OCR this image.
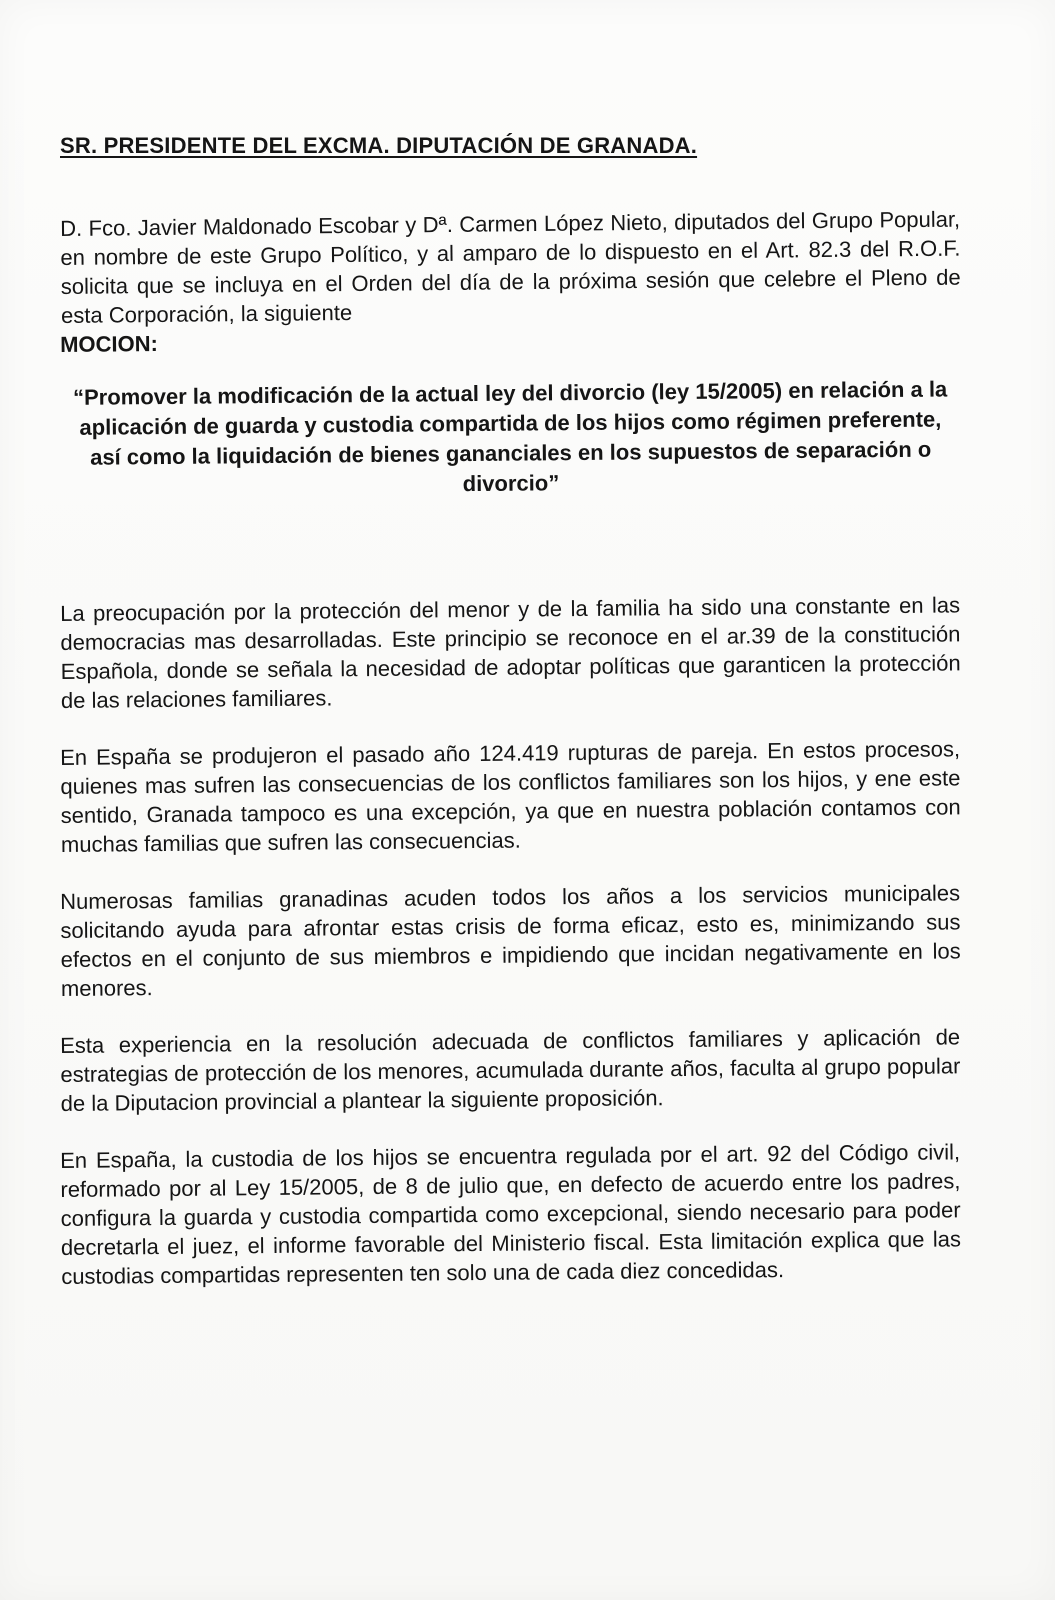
SR. PRESIDENTE DEL EXCMA. DIPUTACIÓN DE GRANADA.

D. Fco. Javier Maldonado Escobar y Dª. Carmen López Nieto, diputados del Grupo Popular, en nombre de este Grupo Político, y al amparo de lo dispuesto en el Art. 82.3 del R.O.F. solicita que se incluya en el Orden del día de la próxima sesión que celebre el Pleno de esta Corporación, la siguiente

MOCION:

“Promover la modificación de la actual ley del divorcio (ley 15/2005) en relación a la aplicación de guarda y custodia compartida de los hijos como régimen preferente, así como la liquidación de bienes gananciales en los supuestos de separación o divorcio”

La preocupación por la protección del menor y de la familia ha sido una constante en las democracias mas desarrolladas. Este principio se reconoce en el ar.39 de la constitución Española, donde se señala la necesidad de adoptar políticas que garanticen la protección de las relaciones familiares.

En España se produjeron el pasado año 124.419 rupturas de pareja. En estos procesos, quienes mas sufren las consecuencias de los conflictos familiares son los hijos, y ene este sentido, Granada tampoco es una excepción, ya que en nuestra población contamos con muchas familias que sufren las consecuencias.

Numerosas familias granadinas acuden todos los años a los servicios municipales solicitando ayuda para afrontar estas crisis de forma eficaz, esto es, minimizando sus efectos en el conjunto de sus miembros e impidiendo que incidan negativamente en los menores.

Esta experiencia en la resolución adecuada de conflictos familiares y aplicación de estrategias de protección de los menores, acumulada durante años, faculta al grupo popular de la Diputacion provincial a plantear la siguiente proposición.

En España, la custodia de los hijos se encuentra regulada por el art. 92 del Código civil, reformado por al Ley 15/2005, de 8 de julio que, en defecto de acuerdo entre los padres, configura la guarda y custodia compartida como excepcional, siendo necesario para poder decretarla el juez, el informe favorable del Ministerio fiscal. Esta limitación explica que las custodias compartidas representen ten solo una de cada diez concedidas.
